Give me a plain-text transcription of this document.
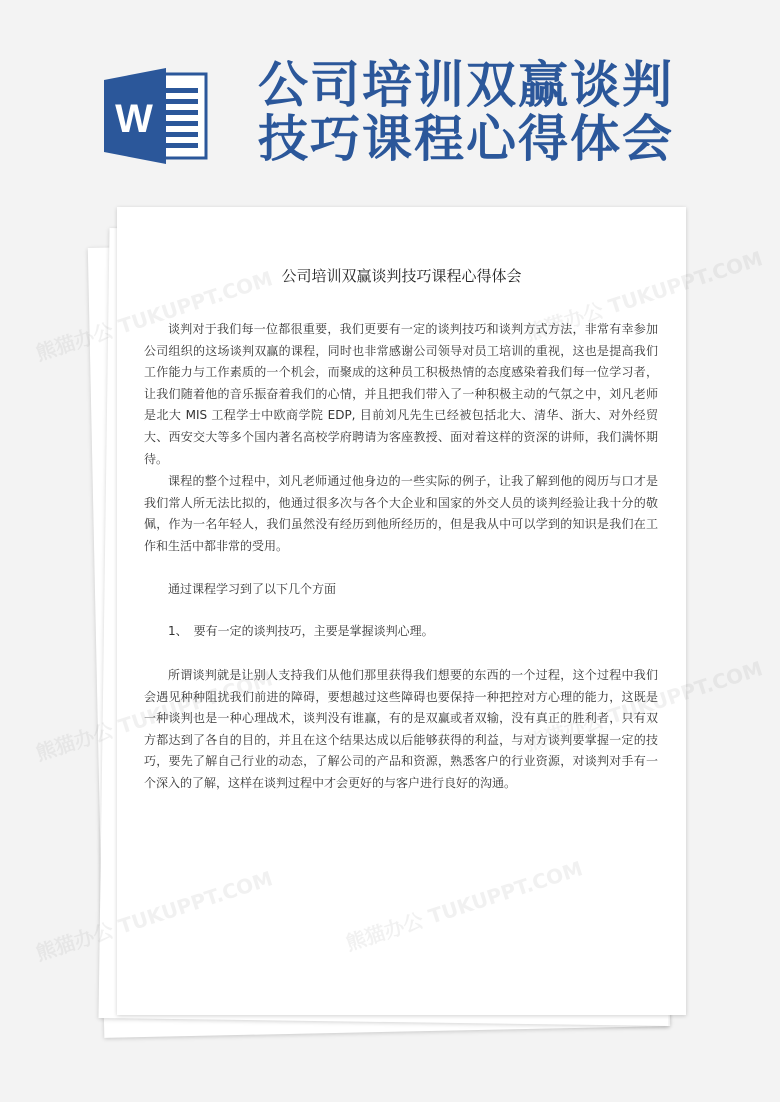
W
公司培训双赢谈判
技巧课程心得体会
公司培训双赢谈判技巧课程心得体会

谈判对于我们每一位都很重要，我们更要有一定的谈判技巧和谈判方式方法，非常有幸参加公司组织的这场谈判双赢的课程，同时也非常感谢公司领导对员工培训的重视，这也是提高我们工作能力与工作素质的一个机会，而聚成的这种员工积极热情的态度感染着我们每一位学习者，让我们随着他的音乐振奋着我们的心情，并且把我们带入了一种积极主动的气氛之中，刘凡老师是北大 MIS 工程学士中欧商学院 EDP, 目前刘凡先生已经被包括北大、清华、浙大、对外经贸大、西安交大等多个国内著名高校学府聘请为客座教授、面对着这样的资深的讲师，我们满怀期待。

课程的整个过程中，刘凡老师通过他身边的一些实际的例子，让我了解到他的阅历与口才是我们常人所无法比拟的，他通过很多次与各个大企业和国家的外交人员的谈判经验让我十分的敬佩，作为一名年轻人，我们虽然没有经历到他所经历的，但是我从中可以学到的知识是我们在工作和生活中都非常的受用。

通过课程学习到了以下几个方面

1、　要有一定的谈判技巧，主要是掌握谈判心理。

所谓谈判就是让别人支持我们从他们那里获得我们想要的东西的一个过程，这个过程中我们会遇见种种阻扰我们前进的障碍，要想越过这些障碍也要保持一种把控对方心理的能力，这既是一种谈判也是一种心理战术，谈判没有谁赢，有的是双赢或者双输，没有真正的胜利者，只有双方都达到了各自的目的，并且在这个结果达成以后能够获得的利益，与对方谈判要掌握一定的技巧，要先了解自己行业的动态，了解公司的产品和资源，熟悉客户的行业资源，对谈判对手有一个深入的了解，这样在谈判过程中才会更好的与客户进行良好的沟通。

熊猫办公
熊猫办公
熊猫办公
